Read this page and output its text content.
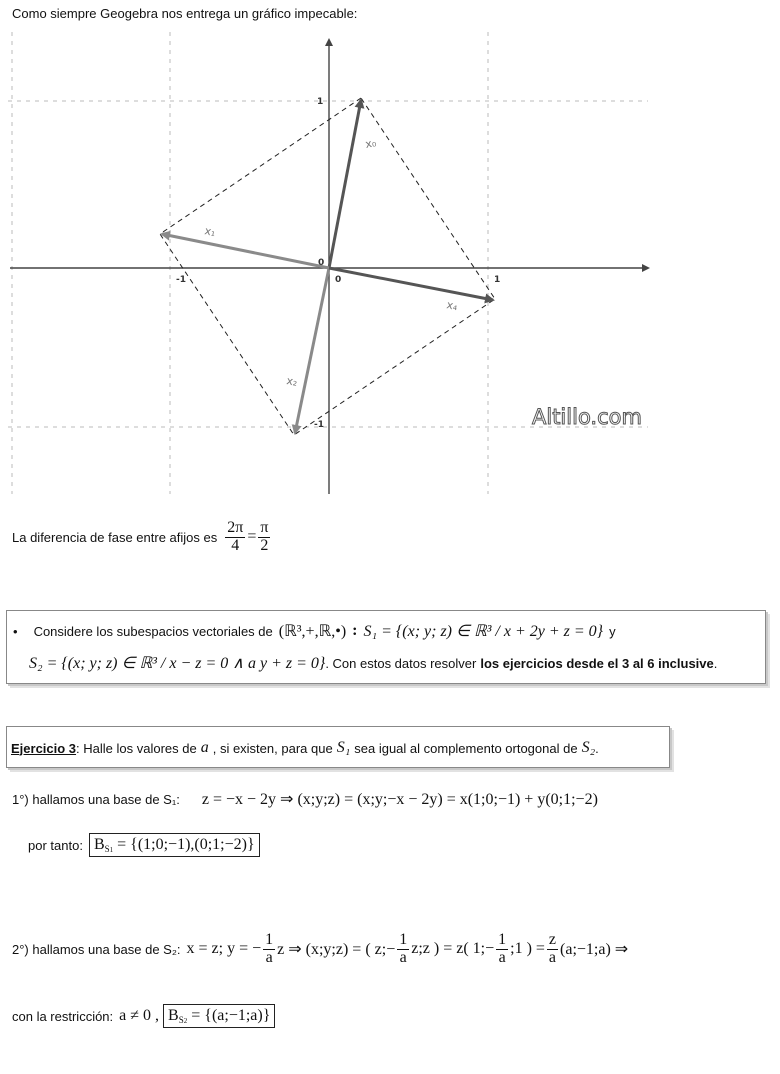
Como siempre Geogebra nos entrega un gráfico impecable:
x₀
x₁
x₂
x₄
-1	1
0
0
1
-1	Altillo.com
La diferencia de fase entre afijos es $\frac{2\pi}{4} = \frac{\pi}{2}$
• Considere los subespacios vectoriales de (ℝ³,+,ℝ,•) : S₁ = {(x; y; z) ∈ ℝ³ / x + 2y + z = 0} y
S₂ = {(x; y; z) ∈ ℝ³ / x − z = 0 ∧ a y + z = 0} . Con estos datos resolver los ejercicios desde el 3 al 6 inclusive .
Ejercicio 3 : Halle los valores de a , si existen, para que S₁ sea igual al complemento ortogonal de S₂ .
1°) hallamos una base de S₁: z = −x − 2y ⇒ (x;y;z) = (x;y;−x − 2y) = x(1;0;−1) + y(0;1;−2)
por tanto: $B_{S1}$ = {(1;0;−1),(0;1;−2)}
2°) hallamos una base de S₂: x = z; y = − $\frac{1}{a}$ z ⇒ (x;y;z) = ( z;− $\frac{1}{a}$ z;z ) = z( 1;− $\frac{1}{a}$ ;1 ) = $\frac{z}{a}$ (a;−1;a) ⇒
con la restricción: a ≠ 0 , $B_{S2}$ = {(a;−1;a)}
